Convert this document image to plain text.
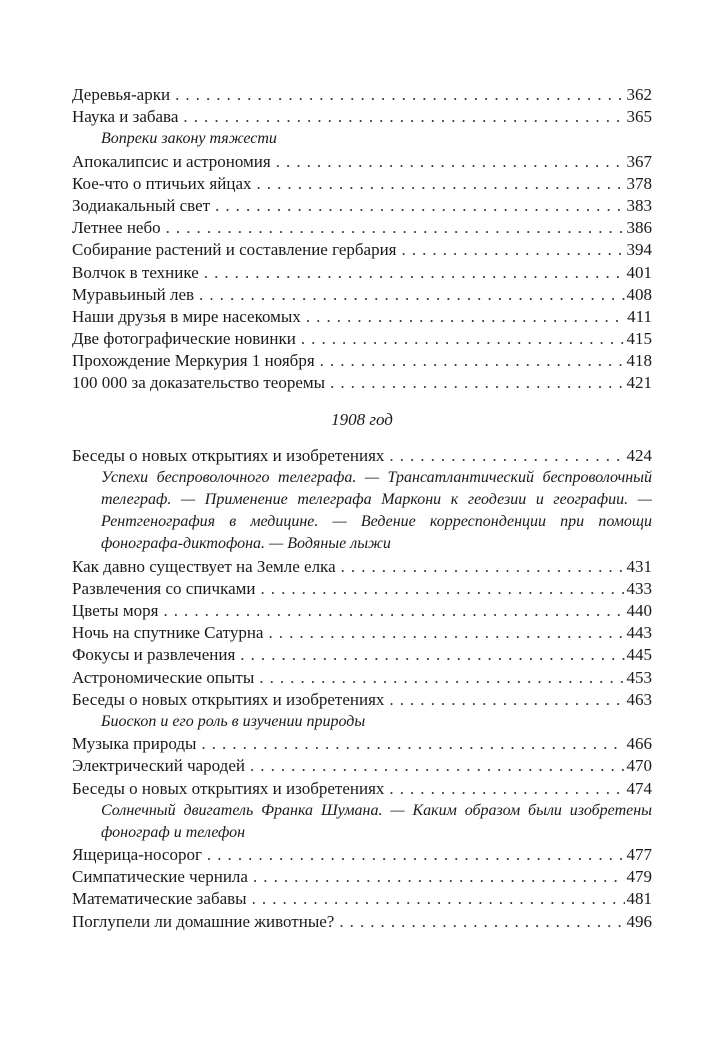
Деревья-арки . . .	362
Наука и забава . . .	365
Вопреки закону тяжести
Апокалипсис и астрономия . . .	367
Кое-что о птичьих яйцах . . .	378
Зодиакальный свет . . .	383
Летнее небо . . .	386
Собирание растений и составление гербария . . .	394
Волчок в технике . . .	401
Муравьиный лев . . .	408
Наши друзья в мире насекомых . . .	411
Две фотографические новинки . . .	415
Прохождение Меркурия 1 ноября . . .	418
100 000 за доказательство теоремы . . .	421
1908 год
Беседы о новых открытиях и изобретениях . . .	424
Успехи беспроволочного телеграфа. — Трансатлантический беспроволочный телеграф. — Применение телеграфа Маркони к геодезии и географии. — Рентгенография в медицине. — Ведение корреспонденции при помощи фонографа-диктофона. — Водяные лыжи
Как давно существует на Земле елка . . .	431
Развлечения со спичками . . .	433
Цветы моря . . .	440
Ночь на спутнике Сатурна . . .	443
Фокусы и развлечения . . .	445
Астрономические опыты . . .	453
Беседы о новых открытиях и изобретениях . . .	463
Биоскоп и его роль в изучении природы
Музыка природы . . .	466
Электрический чародей . . .	470
Беседы о новых открытиях и изобретениях . . .	474
Солнечный двигатель Франка Шумана. — Каким образом были изобретены фонограф и телефон
Ящерица-носорог . . .	477
Симпатические чернила . . .	479
Математические забавы . . .	481
Поглупели ли домашние животные? . . .	496
